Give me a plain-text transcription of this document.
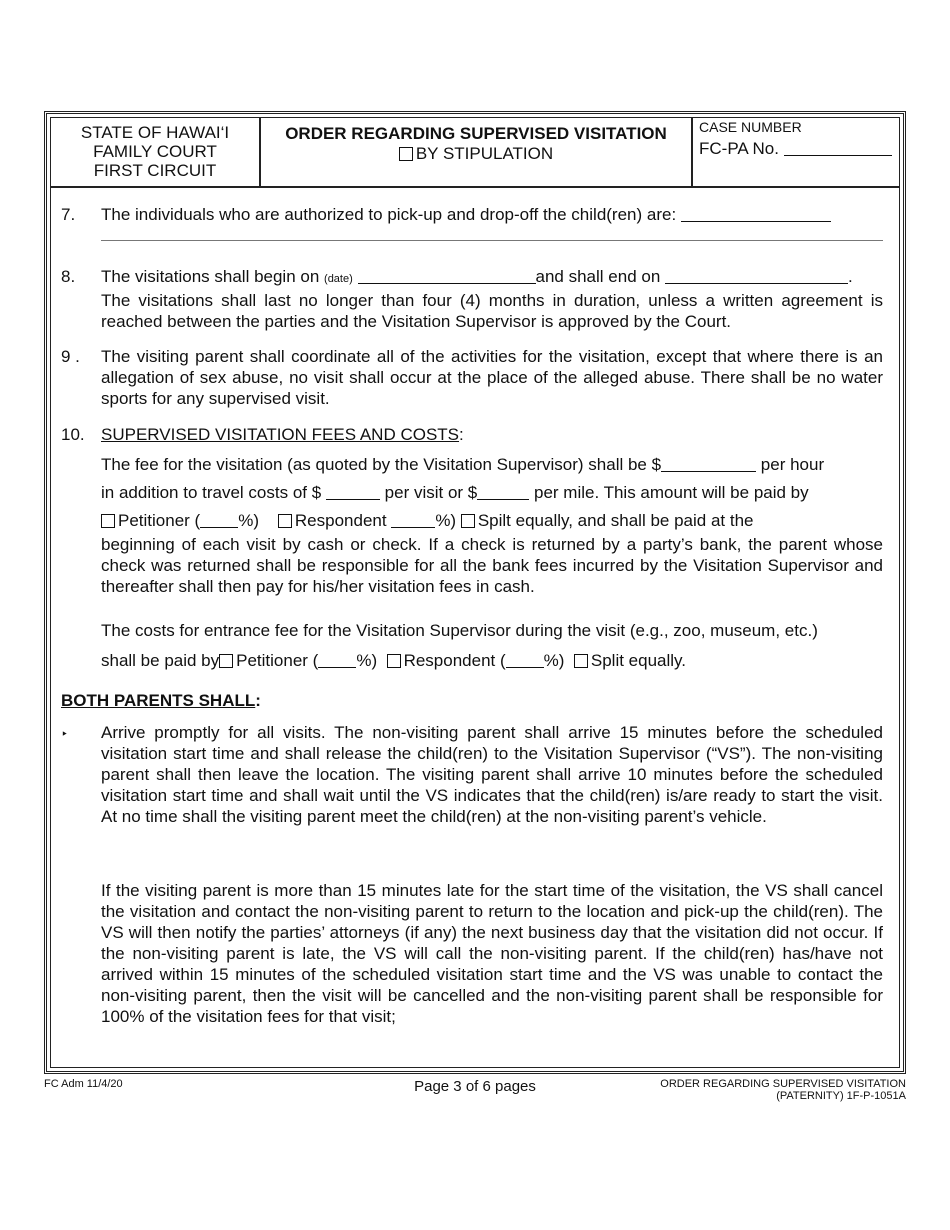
STATE OF HAWAI‘I
FAMILY COURT
FIRST CIRCUIT
ORDER REGARDING SUPERVISED VISITATION
BY STIPULATION
CASE NUMBER
FC-PA No.
7. The individuals who are authorized to pick-up and drop-off the child(ren) are:
8. The visitations shall begin on (date)	and shall end on	.
The visitations shall last no longer than four (4) months in duration, unless a written agreement is reached between the parties and the Visitation Supervisor is approved by the Court.
9 . The visiting parent shall coordinate all of the activities for the visitation, except that where there is an allegation of sex abuse, no visit shall occur at the place of the alleged abuse. There shall be no water sports for any supervised visit.
10. SUPERVISED VISITATION FEES AND COSTS:
The fee for the visitation (as quoted by the Visitation Supervisor) shall be $	per hour
in addition to travel costs of $	per visit or $	per mile. This amount will be paid by
Petitioner ( %) Respondent	%) Spilt equally, and shall be paid at the
beginning of each visit by cash or check. If a check is returned by a party’s bank, the parent whose check was returned shall be responsible for all the bank fees incurred by the Visitation Supervisor and thereafter shall then pay for his/her visitation fees in cash.
The costs for entrance fee for the Visitation Supervisor during the visit (e.g., zoo, museum, etc.)
shall be paid by Petitioner ( %) Respondent ( %) Split equally.
BOTH PARENTS SHALL:
‣ Arrive promptly for all visits. The non-visiting parent shall arrive 15 minutes before the scheduled visitation start time and shall release the child(ren) to the Visitation Supervisor (“VS”). The non-visiting parent shall then leave the location. The visiting parent shall arrive 10 minutes before the scheduled visitation start time and shall wait until the VS indicates that the child(ren) is/are ready to start the visit. At no time shall the visiting parent meet the child(ren) at the non-visiting parent’s vehicle.
If the visiting parent is more than 15 minutes late for the start time of the visitation, the VS shall cancel the visitation and contact the non-visiting parent to return to the location and pick-up the child(ren). The VS will then notify the parties’ attorneys (if any) the next business day that the visitation did not occur. If the non-visiting parent is late, the VS will call the non-visiting parent. If the child(ren) has/have not arrived within 15 minutes of the scheduled visitation start time and the VS was unable to contact the non-visiting parent, then the visit will be cancelled and the non-visiting parent shall be responsible for 100% of the visitation fees for that visit;
FC Adm 11/4/20	Page 3 of 6 pages	ORDER REGARDING SUPERVISED VISITATION
(PATERNITY) 1F-P-1051A
